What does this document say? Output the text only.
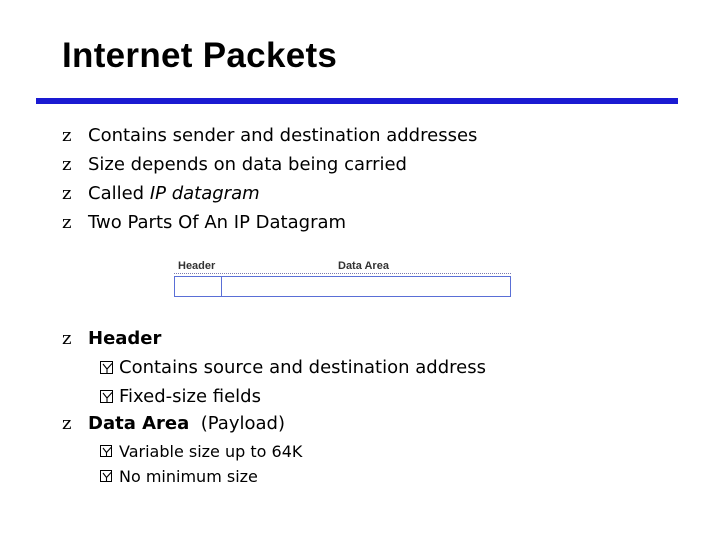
Internet Packets
z Contains sender and destination addresses
z Size depends on data being carried
z Called IP datagram
z Two Parts Of An IP Datagram
Header	Data Area
z Header
Contains source and destination address
Fixed-size fields
z Data Area (Payload)
Variable size up to 64K
No minimum size
